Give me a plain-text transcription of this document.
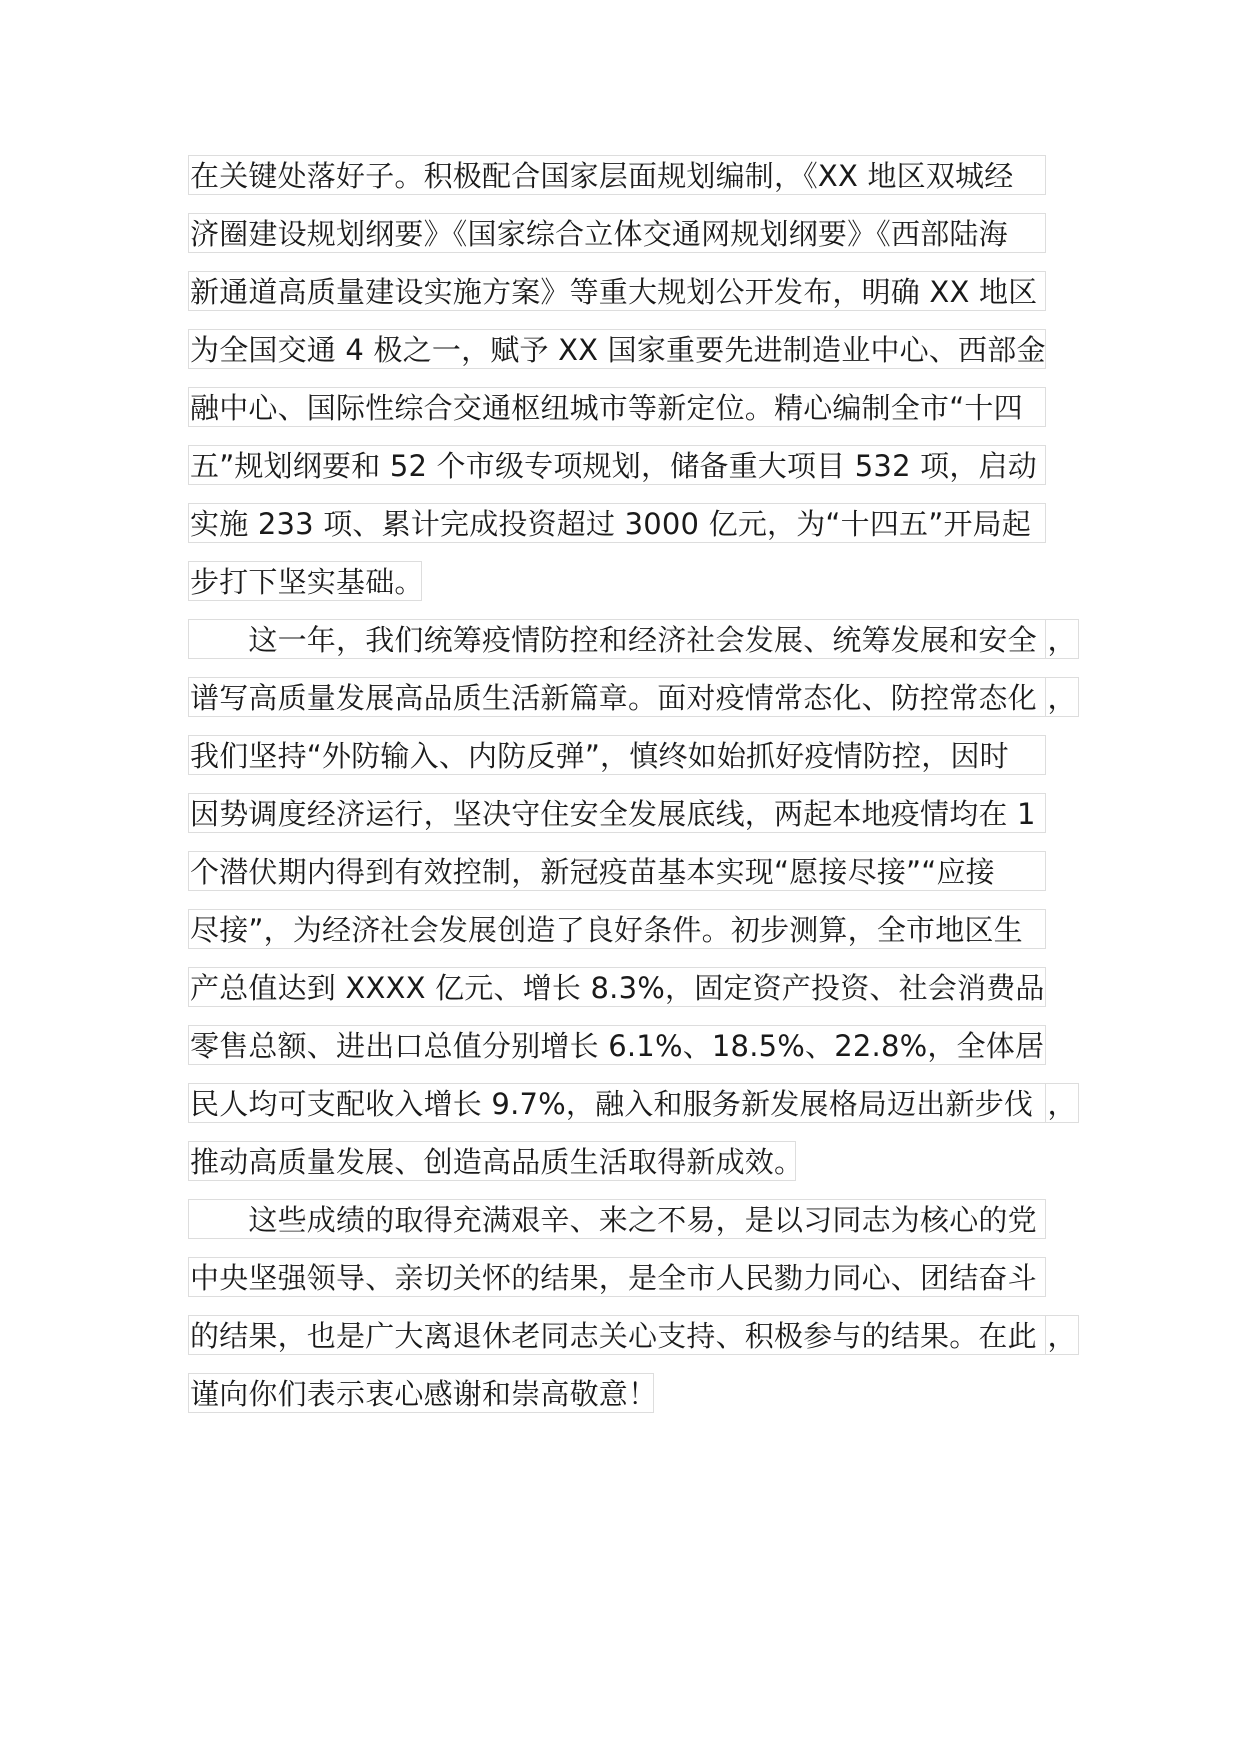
在关键处落好子。积极配合国家层面规划编制，《XX 地区双城经
济圈建设规划纲要》《国家综合立体交通网规划纲要》《西部陆海
新通道高质量建设实施方案》等重大规划公开发布，明确 XX 地区
为全国交通 4 极之一，赋予 XX 国家重要先进制造业中心、西部金
融中心、国际性综合交通枢纽城市等新定位。精心编制全市“十四
五”规划纲要和 52 个市级专项规划，储备重大项目 532 项，启动
实施 233 项、累计完成投资超过 3000 亿元，为“十四五”开局起
步打下坚实基础。
　　这一年，我们统筹疫情防控和经济社会发展、统筹发展和安全 ，
谱写高质量发展高品质生活新篇章。面对疫情常态化、防控常态化 ，
我们坚持“外防输入、内防反弹”，慎终如始抓好疫情防控，因时
因势调度经济运行，坚决守住安全发展底线，两起本地疫情均在 1
个潜伏期内得到有效控制，新冠疫苗基本实现“愿接尽接”“应接
尽接”，为经济社会发展创造了良好条件。初步测算，全市地区生
产总值达到 XXXX 亿元、增长 8.3%，固定资产投资、社会消费品
零售总额、进出口总值分别增长 6.1%、18.5%、22.8%，全体居
民人均可支配收入增长 9.7%，融入和服务新发展格局迈出新步伐 ，
推动高质量发展、创造高品质生活取得新成效。
　　这些成绩的取得充满艰辛、来之不易，是以习同志为核心的党
中央坚强领导、亲切关怀的结果，是全市人民勠力同心、团结奋斗
的结果，也是广大离退休老同志关心支持、积极参与的结果。在此 ，
谨向你们表示衷心感谢和崇高敬意！
